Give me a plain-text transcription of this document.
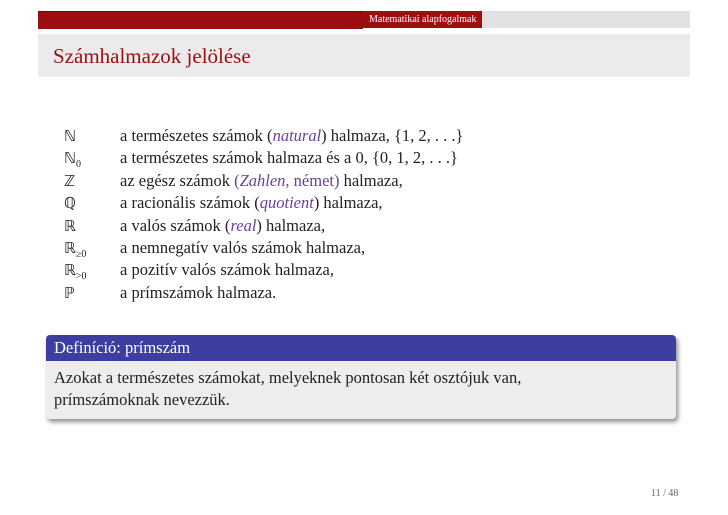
Matematikai alapfogalmak
Számhalmazok jelölése
ℕ	a természetes számok (natural) halmaza, {1, 2, . . .}
ℕ$_0$	a természetes számok halmaza és a 0, {0, 1, 2, . . .}
ℤ	az egész számok (Zahlen, német) halmaza,
ℚ	a racionális számok (quotient) halmaza,
ℝ	a valós számok (real) halmaza,
ℝ$_{\ge 0}$	a nemnegatív valós számok halmaza,
ℝ$_{>0}$	a pozitív valós számok halmaza,
ℙ	a prímszámok halmaza.
Definíció: prímszám
Azokat a természetes számokat, melyeknek pontosan két osztójuk van,
prímszámoknak nevezzük.
11 / 48
